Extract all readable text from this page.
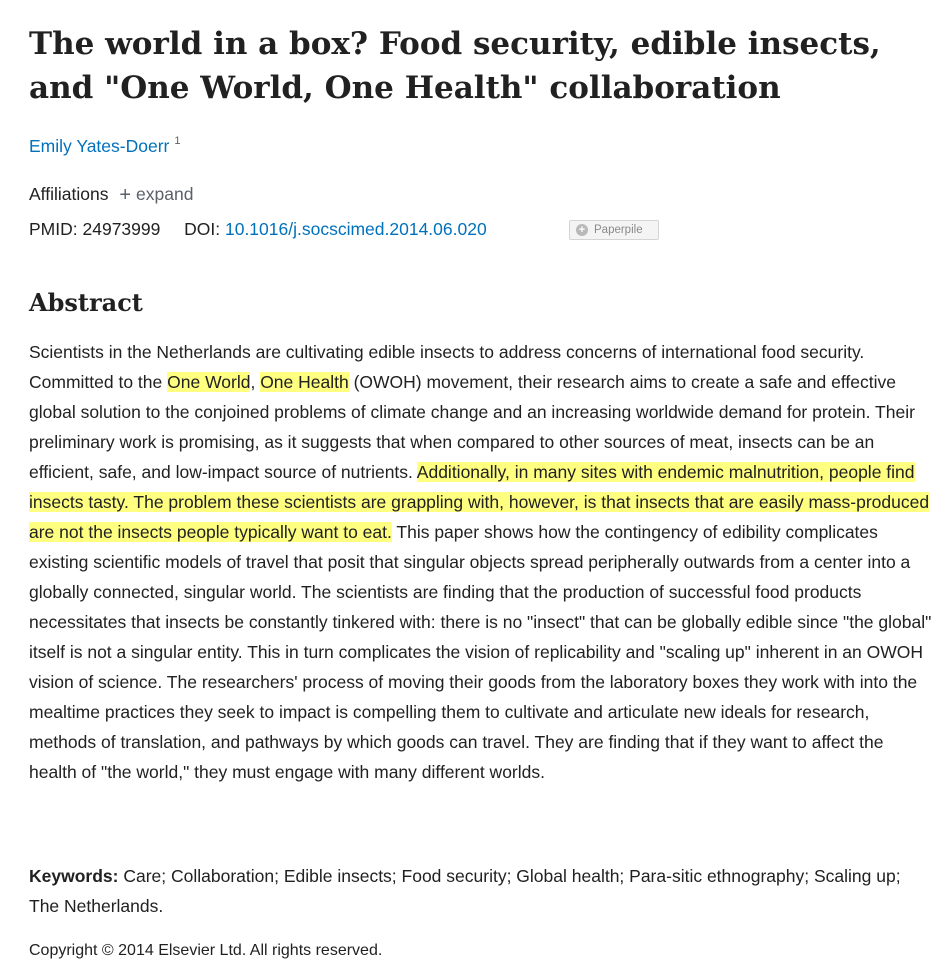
The world in a box? Food security, edible insects, and "One World, One Health" collaboration
Emily Yates-Doerr $^1$
Affiliations + expand
PMID: 24973999 DOI: 10.1016/j.socscimed.2014.06.020	+ Paperpile
Abstract

Scientists in the Netherlands are cultivating edible insects to address concerns of international food security. Committed to the One World, One Health (OWOH) movement, their research aims to create a safe and effective global solution to the conjoined problems of climate change and an increasing worldwide demand for protein. Their preliminary work is promising, as it suggests that when compared to other sources of meat, insects can be an efficient, safe, and low-impact source of nutrients. Additionally, in many sites with endemic malnutrition, people find insects tasty. The problem these scientists are grappling with, however, is that insects that are easily mass-produced are not the insects people typically want to eat. This paper shows how the contingency of edibility complicates existing scientific models of travel that posit that singular objects spread peripherally outwards from a center into a globally connected, singular world. The scientists are finding that the production of successful food products necessitates that insects be constantly tinkered with: there is no "insect" that can be globally edible since "the global" itself is not a singular entity. This in turn complicates the vision of replicability and "scaling up" inherent in an OWOH vision of science. The researchers' process of moving their goods from the laboratory boxes they work with into the mealtime practices they seek to impact is compelling them to cultivate and articulate new ideals for research, methods of translation, and pathways by which goods can travel. They are finding that if they want to affect the health of "the world," they must engage with many different worlds.

Keywords: Care; Collaboration; Edible insects; Food security; Global health; Para-sitic ethnography; Scaling up; The Netherlands.

Copyright © 2014 Elsevier Ltd. All rights reserved.
